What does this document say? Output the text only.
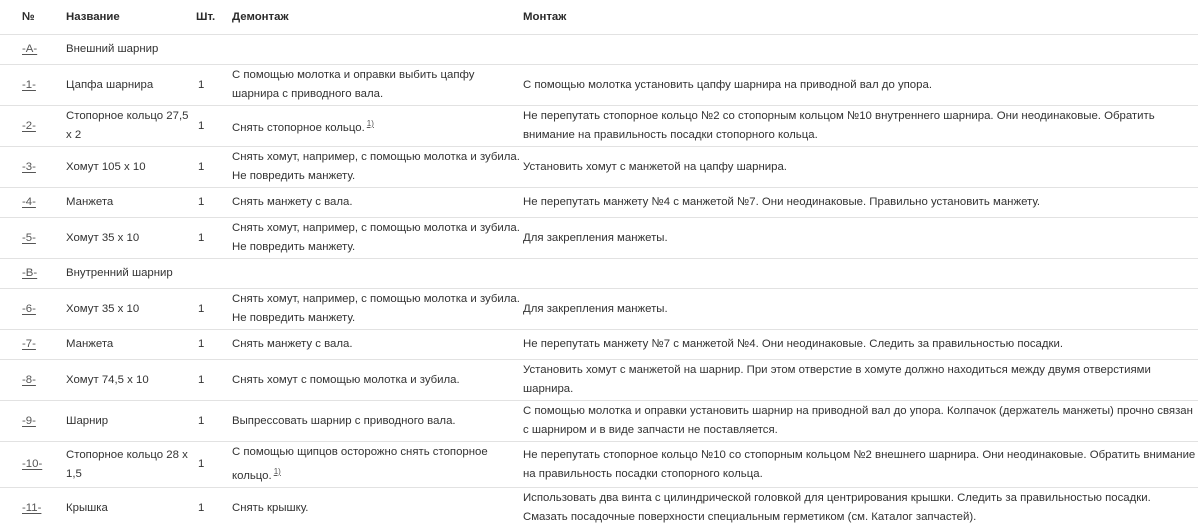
№	Название	Шт.	Демонтаж	Монтаж
-A-	Внешний шарнир			
-1-	Цапфа шарнира	1	С помощью молотка и оправки выбить цапфу шарнира с приводного вала.	С помощью молотка установить цапфу шарнира на приводной вал до упора.
-2-	Стопорное кольцо 27,5 х 2	1	Снять стопорное кольцо. $^{1)}$	Не перепутать стопорное кольцо №2 со стопорным кольцом №10 внутреннего шарнира. Они неодинаковые. Обратить внимание на правильность посадки стопорного кольца.
-3-	Хомут 105 х 10	1	Снять хомут, например, с помощью молотка и зубила. Не повредить манжету.	Установить хомут с манжетой на цапфу шарнира.
-4-	Манжета	1	Снять манжету с вала.	Не перепутать манжету №4 с манжетой №7. Они неодинаковые. Правильно установить манжету.
-5-	Хомут 35 х 10	1	Снять хомут, например, с помощью молотка и зубила. Не повредить манжету.	Для закрепления манжеты.
-B-	Внутренний шарнир			
-6-	Хомут 35 х 10	1	Снять хомут, например, с помощью молотка и зубила. Не повредить манжету.	Для закрепления манжеты.
-7-	Манжета	1	Снять манжету с вала.	Не перепутать манжету №7 с манжетой №4. Они неодинаковые. Следить за правильностью посадки.
-8-	Хомут 74,5 х 10	1	Снять хомут с помощью молотка и зубила.	Установить хомут с манжетой на шарнир. При этом отверстие в хомуте должно находиться между двумя отверстиями шарнира.
-9-	Шарнир	1	Выпрессовать шарнир с приводного вала.	С помощью молотка и оправки установить шарнир на приводной вал до упора. Колпачок (держатель манжеты) прочно связан с шарниром и в виде запчасти не поставляется.
-10-	Стопорное кольцо 28 х 1,5	1	С помощью щипцов осторожно снять стопорное кольцо. $^{1)}$	Не перепутать стопорное кольцо №10 со стопорным кольцом №2 внешнего шарнира. Они неодинаковые. Обратить внимание на правильность посадки стопорного кольца.
-11-	Крышка	1	Снять крышку.	Использовать два винта с цилиндрической головкой для центрирования крышки. Следить за правильностью посадки. Смазать посадочные поверхности специальным герметиком (см. Каталог запчастей).
